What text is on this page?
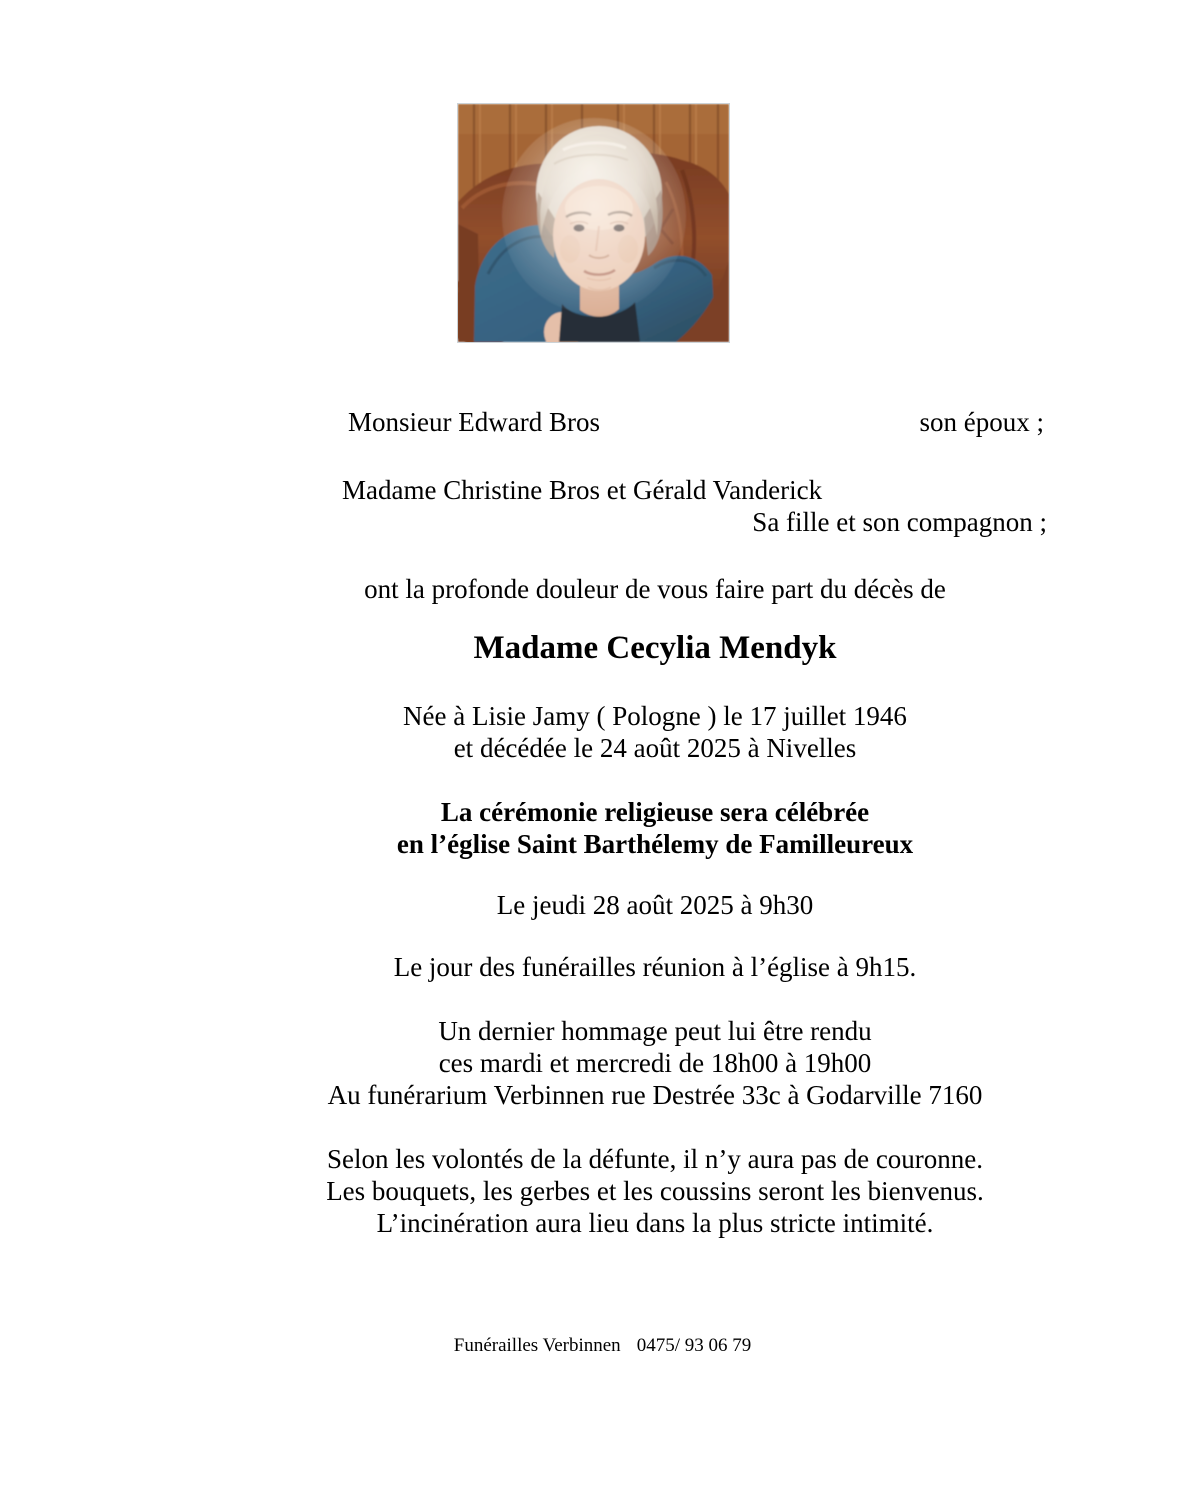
Monsieur Edward Bros	son époux ;
Madame Christine Bros et Gérald Vanderick
Sa fille et son compagnon ;
ont la profonde douleur de vous faire part du décès de
Madame Cecylia Mendyk
Née à Lisie Jamy ( Pologne ) le 17 juillet 1946
et décédée le 24 août 2025 à Nivelles
La cérémonie religieuse sera célébrée
en l’église Saint Barthélemy de Familleureux
Le jeudi 28 août 2025 à 9h30
Le jour des funérailles réunion à l’église à 9h15.
Un dernier hommage peut lui être rendu
ces mardi et mercredi de 18h00 à 19h00
Au funérarium Verbinnen rue Destrée 33c à Godarville 7160
Selon les volontés de la défunte, il n’y aura pas de couronne.
Les bouquets, les gerbes et les coussins seront les bienvenus.
L’incinération aura lieu dans la plus stricte intimité.
Funérailles Verbinnen 0475/ 93 06 79
